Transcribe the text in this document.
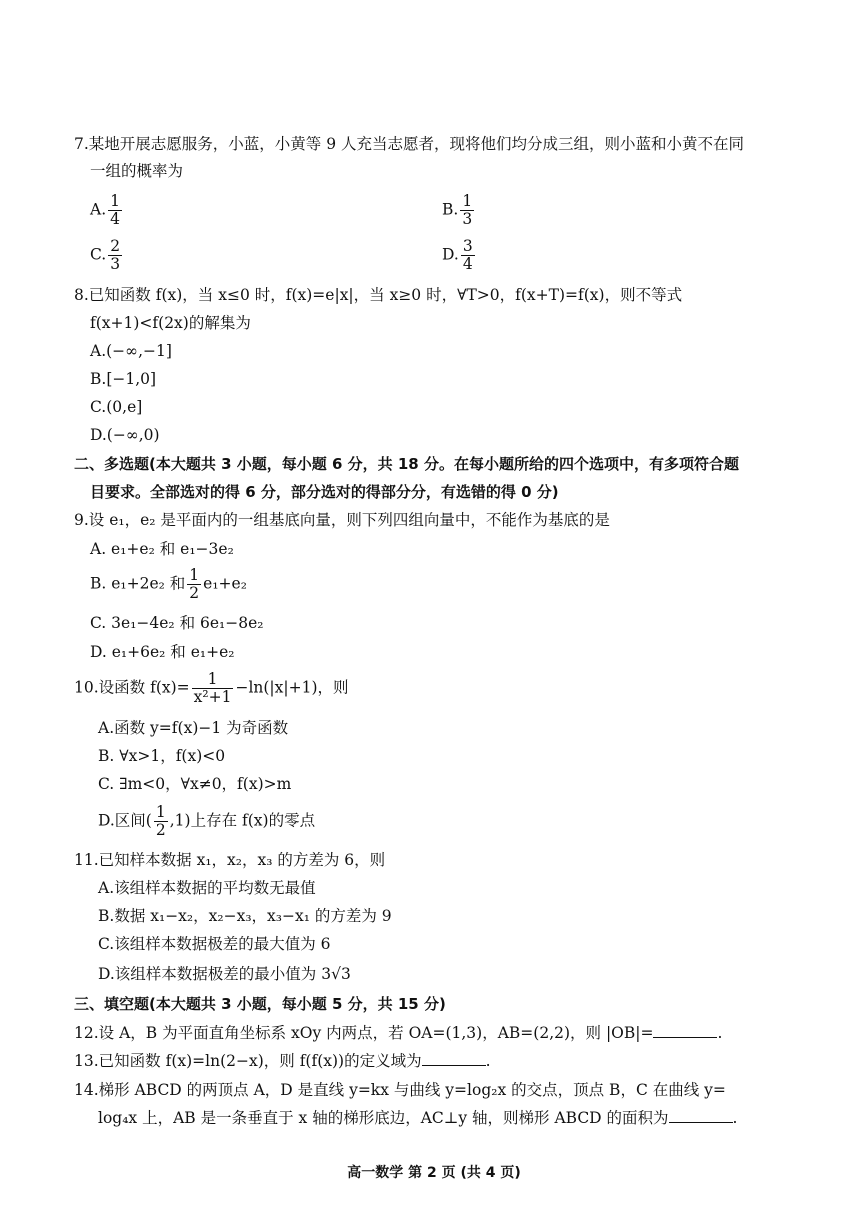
7.某地开展志愿服务，小蓝，小黄等 9 人充当志愿者，现将他们均分成三组，则小蓝和小黄不在同
一组的概率为
A. $\frac{1}{4}$	B. $\frac{1}{3}$
C. $\frac{2}{3}$	D. $\frac{3}{4}$
8.已知函数 f(x)，当 x≤0 时，f(x)=e|x|，当 x≥0 时，∀T>0，f(x+T)=f(x)，则不等式
f(x+1)<f(2x)的解集为
A.(−∞,−1]
B.[−1,0]
C.(0,e]
D.(−∞,0)
二、多选题(本大题共 3 小题，每小题 6 分，共 18 分。在每小题所给的四个选项中，有多项符合题
目要求。全部选对的得 6 分，部分选对的得部分分，有选错的得 0 分)
9.设 e₁，e₂ 是平面内的一组基底向量，则下列四组向量中，不能作为基底的是
A. e₁+e₂ 和 e₁−3e₂
B. e₁+2e₂ 和 $\frac{1}{2} e_1+e_2$
C. 3e₁−4e₂ 和 6e₁−8e₂
D. e₁+6e₂ 和 e₁+e₂
10.设函数 $f(x)= \frac{1}{\text{x²+1}} -\ln(|x|+1)$，则
A.函数 y=f(x)−1 为奇函数
B. ∀x>1，f(x)<0
C. ∃m<0，∀x≠0，f(x)>m
D.区间( $\frac{1}{2} ,1$)上存在 f(x)的零点
11.已知样本数据 x₁，x₂，x₃ 的方差为 6，则
A.该组样本数据的平均数无最值
B.数据 x₁−x₂，x₂−x₃，x₃−x₁ 的方差为 9
C.该组样本数据极差的最大值为 6
D.该组样本数据极差的最小值为 3√3
三、填空题(本大题共 3 小题，每小题 5 分，共 15 分)
12.设 A，B 为平面直角坐标系 xOy 内两点，若 OA=(1,3)，AB=(2,2)，则 |OB|=	.
13.已知函数 f(x)=ln(2−x)，则 f(f(x))的定义域为	.
14.梯形 ABCD 的两顶点 A，D 是直线 y=kx 与曲线 y=log₂x 的交点，顶点 B，C 在曲线 y=
log₄x 上，AB 是一条垂直于 x 轴的梯形底边，AC⊥y 轴，则梯形 ABCD 的面积为	.
高一数学 第 2 页 (共 4 页)
